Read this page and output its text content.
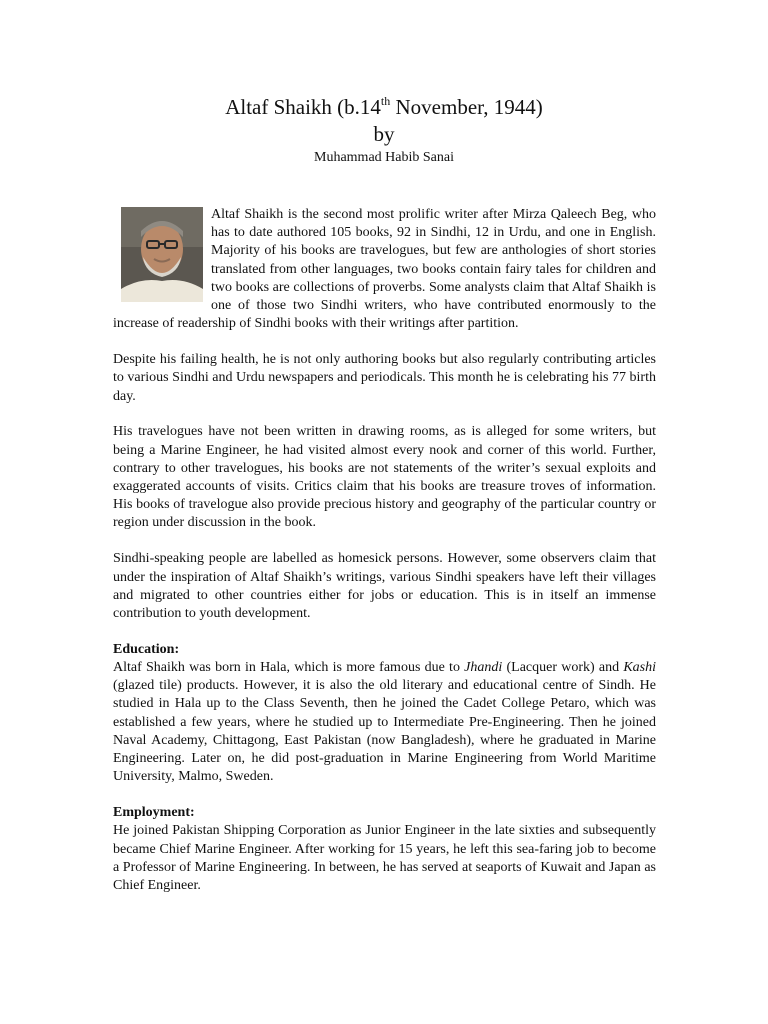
Altaf Shaikh (b.14th November, 1944)
by
Muhammad Habib Sanai

Altaf Shaikh is the second most prolific writer after Mirza Qaleech Beg, who has to date authored 105 books, 92 in Sindhi, 12 in Urdu, and one in English. Majority of his books are travelogues, but few are anthologies of short stories translated from other languages, two books contain fairy tales for children and two books are collections of proverbs. Some analysts claim that Altaf Shaikh is one of those two Sindhi writers, who have contributed enormously to the increase of readership of Sindhi books with their writings after partition.

Despite his failing health, he is not only authoring books but also regularly contributing articles to various Sindhi and Urdu newspapers and periodicals. This month he is celebrating his 77 birth day.

His travelogues have not been written in drawing rooms, as is alleged for some writers, but being a Marine Engineer, he had visited almost every nook and corner of this world. Further, contrary to other travelogues, his books are not statements of the writer’s sexual exploits and exaggerated accounts of visits. Critics claim that his books are treasure troves of information. His books of travelogue also provide precious history and geography of the particular country or region under discussion in the book.

Sindhi-speaking people are labelled as homesick persons. However, some observers claim that under the inspiration of Altaf Shaikh’s writings, various Sindhi speakers have left their villages and migrated to other countries either for jobs or education. This is in itself an immense contribution to youth development.

Education:

Altaf Shaikh was born in Hala, which is more famous due to Jhandi (Lacquer work) and Kashi (glazed tile) products. However, it is also the old literary and educational centre of Sindh. He studied in Hala up to the Class Seventh, then he joined the Cadet College Petaro, which was established a few years, where he studied up to Intermediate Pre-Engineering. Then he joined Naval Academy, Chittagong, East Pakistan (now Bangladesh), where he graduated in Marine Engineering. Later on, he did post-graduation in Marine Engineering from World Maritime University, Malmo, Sweden.

Employment:

He joined Pakistan Shipping Corporation as Junior Engineer in the late sixties and subsequently became Chief Marine Engineer. After working for 15 years, he left this sea-faring job to become a Professor of Marine Engineering. In between, he has served at seaports of Kuwait and Japan as Chief Engineer.
